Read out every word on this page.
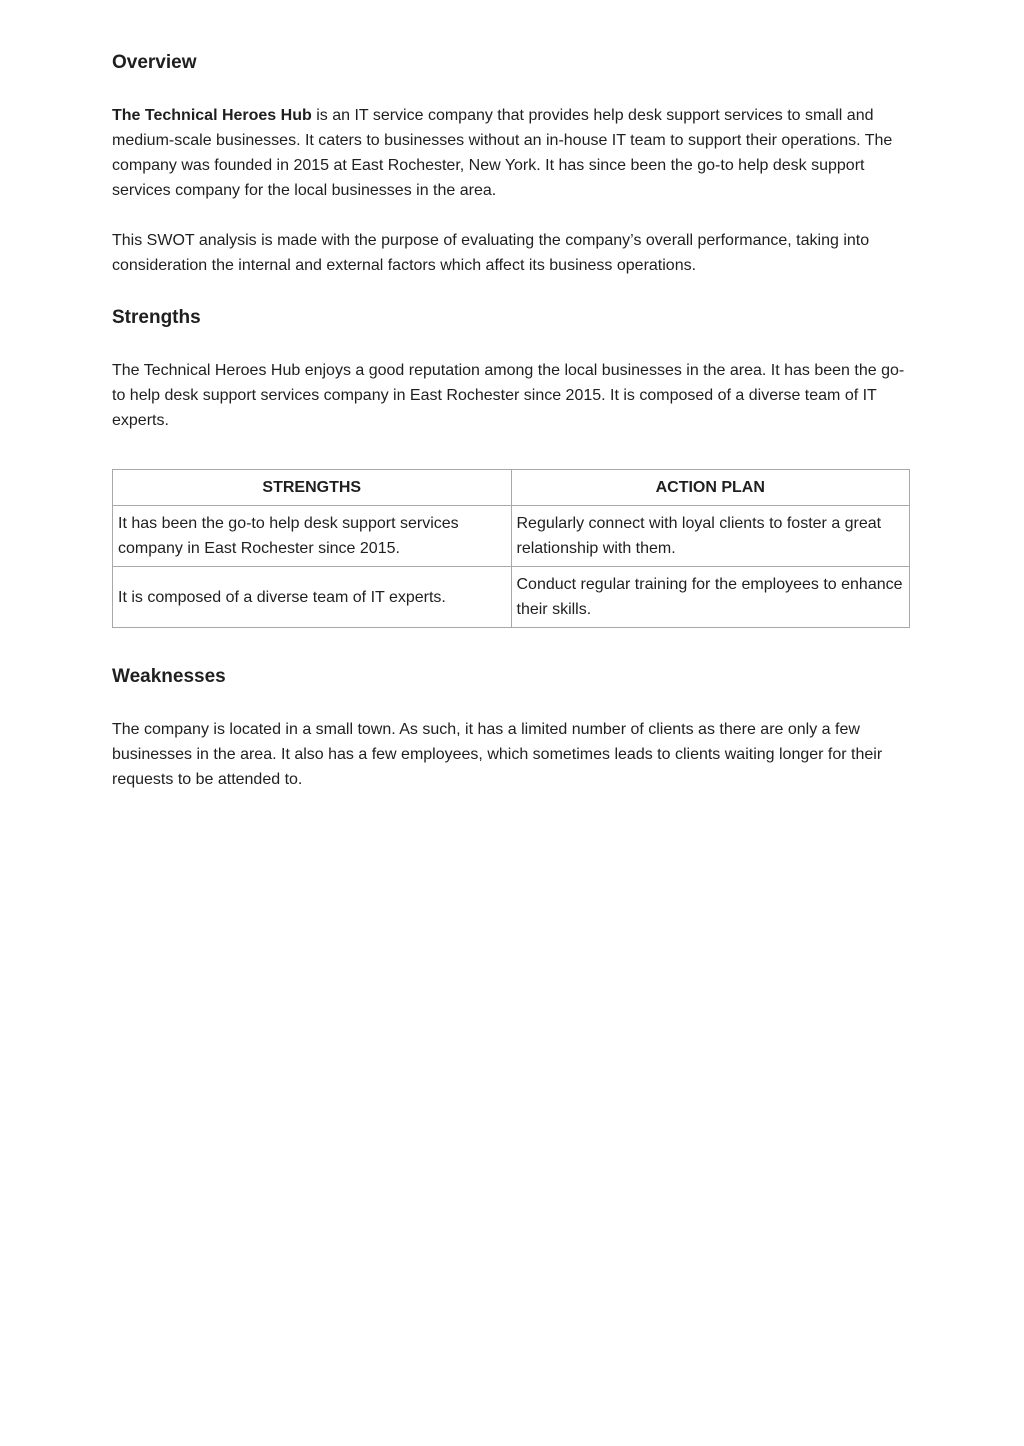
Overview

The Technical Heroes Hub is an IT service company that provides help desk support services to small and medium-scale businesses. It caters to businesses without an in-house IT team to support their operations. The company was founded in 2015 at East Rochester, New York. It has since been the go-to help desk support services company for the local businesses in the area.

This SWOT analysis is made with the purpose of evaluating the company’s overall performance, taking into consideration the internal and external factors which affect its business operations.

Strengths

The Technical Heroes Hub enjoys a good reputation among the local businesses in the area. It has been the go-to help desk support services company in East Rochester since 2015. It is composed of a diverse team of IT experts.

STRENGTHS	ACTION PLAN
It has been the go-to help desk support services company in East Rochester since 2015.	Regularly connect with loyal clients to foster a great relationship with them.
It is composed of a diverse team of IT experts.	Conduct regular training for the employees to enhance their skills.
Weaknesses

The company is located in a small town. As such, it has a limited number of clients as there are only a few businesses in the area. It also has a few employees, which sometimes leads to clients waiting longer for their requests to be attended to.
